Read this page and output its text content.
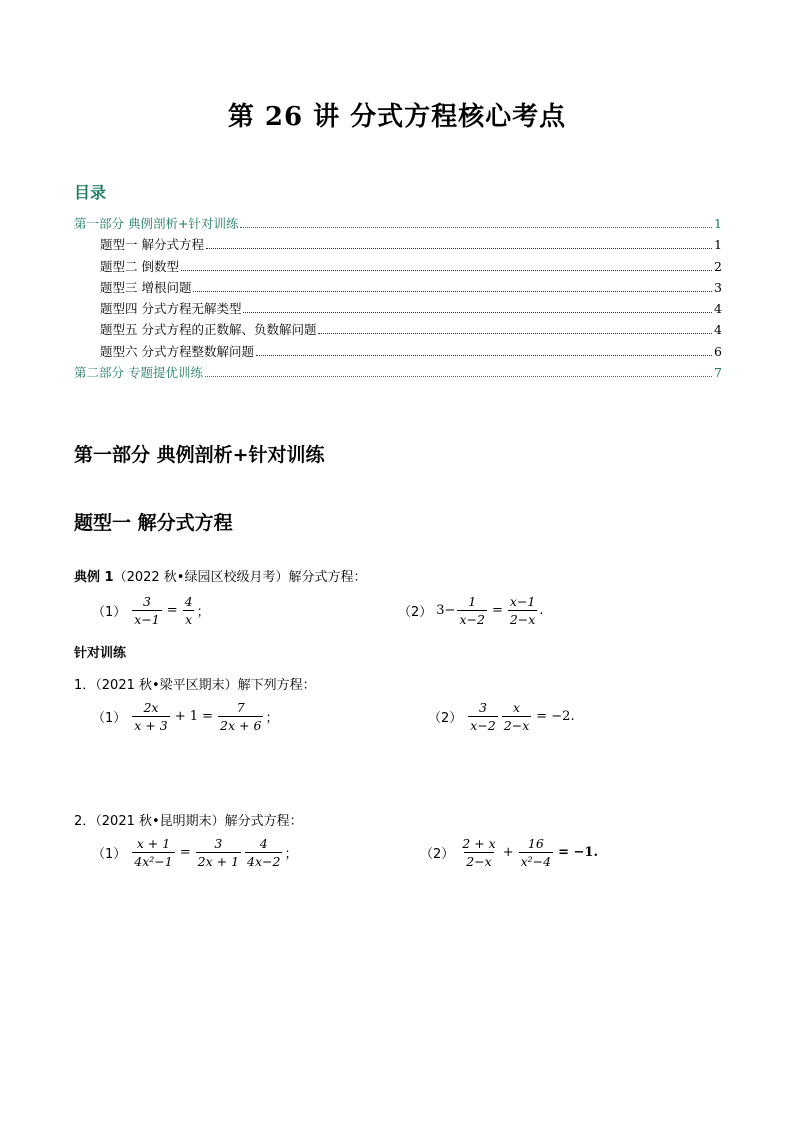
第 26 讲 分式方程核心考点
目录
第一部分 典例剖析+针对训练	1
题型一 解分式方程	1
题型二 倒数型	2
题型三 增根问题	3
题型四 分式方程无解类型	4
题型五 分式方程的正数解、负数解问题	4
题型六 分式方程整数解问题	6
第二部分 专题提优训练	7
第一部分 典例剖析+针对训练
题型一 解分式方程
典例 1（2022 秋•绿园区校级月考）解分式方程：
$(1) \frac{3}{x-1} = \frac{4}{x}$ ；	（2） $3- \frac{1}{x-2} = \frac{x-1}{2-x}$ .
针对训练
1．（2021 秋•梁平区期末）解下列方程：
$(1) \frac{2x}{x + 3} + 1 = \frac{7}{2x + 6}$ ；	$(2) \frac{3}{x-2} \frac{x}{2-x} = -2$.
2．（2021 秋•昆明期末）解分式方程：
$(1) \frac{x + 1}{\text{4x²−1}} = \frac{3}{2x + 1} \frac{4}{4x-2}$ ；	$(2) \frac{2 + x}{2-x} + \frac{16}{\text{x²−4}} = -1$.
